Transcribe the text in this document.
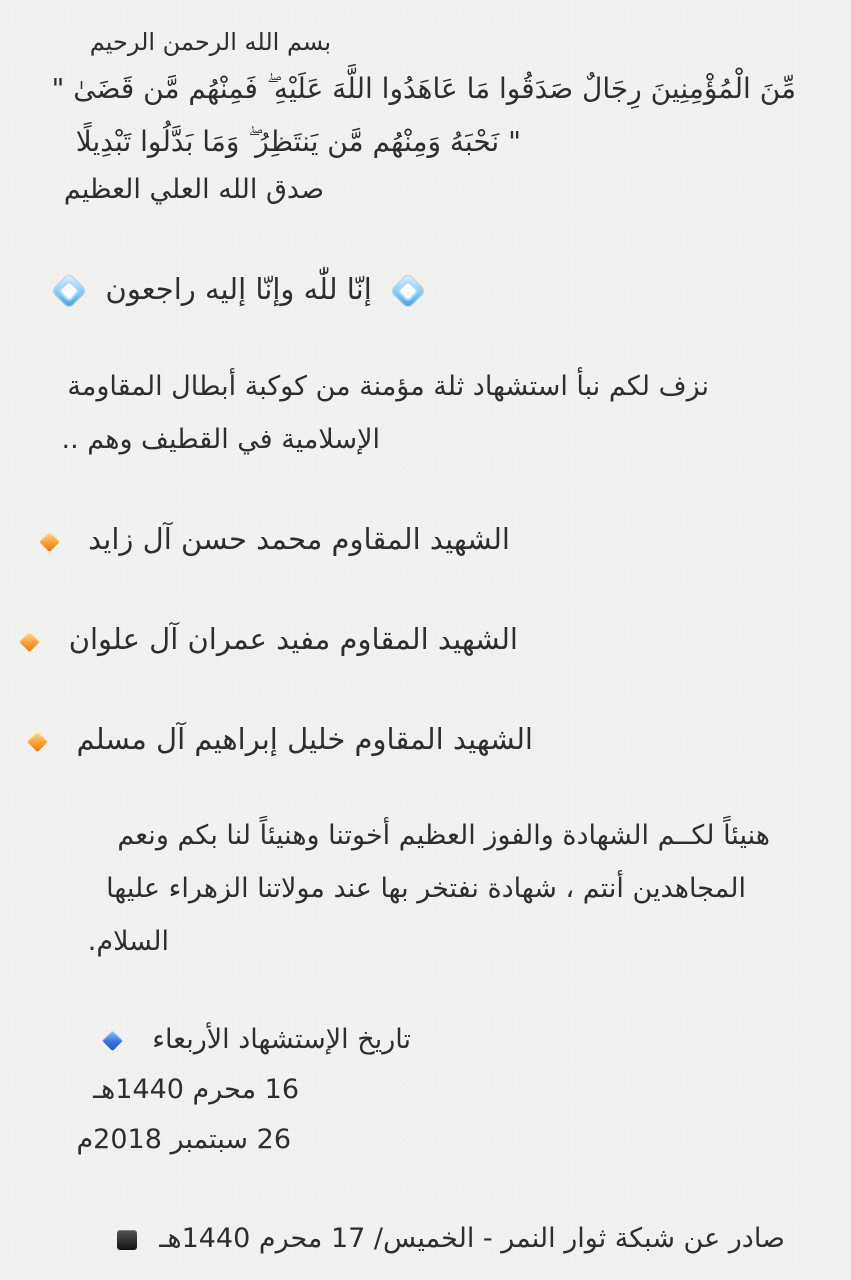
بسم الله الرحمن الرحيم
مِّنَ الْمُؤْمِنِينَ رِجَالٌ صَدَقُوا مَا عَاهَدُوا اللَّهَ عَلَيْهِ ۖ فَمِنْهُم مَّن قَضَىٰ "
" نَحْبَهُ وَمِنْهُم مَّن يَنتَظِرُ ۖ وَمَا بَدَّلُوا تَبْدِيلًا
صدق الله العلي العظيم
إنّا للّٰه وإنّا إليه راجعون
نزف لكم نبأ استشهاد ثلة مؤمنة من كوكبة أبطال المقاومة
الإسلامية في القطيف وهم ..
الشهيد المقاوم محمد حسن آل زايد
الشهيد المقاوم مفيد عمران آل علوان
الشهيد المقاوم خليل إبراهيم آل مسلم
هنيئاً لكــم الشهادة والفوز العظيم أخوتنا وهنيئاً لنا بكم ونعم
المجاهدين أنتم ، شهادة نفتخر بها عند مولاتنا الزهراء عليها
السلام.
تاريخ الإستشهاد الأربعاء
16 محرم 1440هـ
26 سبتمبر 2018م
صادر عن شبكة ثوار النمر - الخميس/ 17 محرم 1440هـ
